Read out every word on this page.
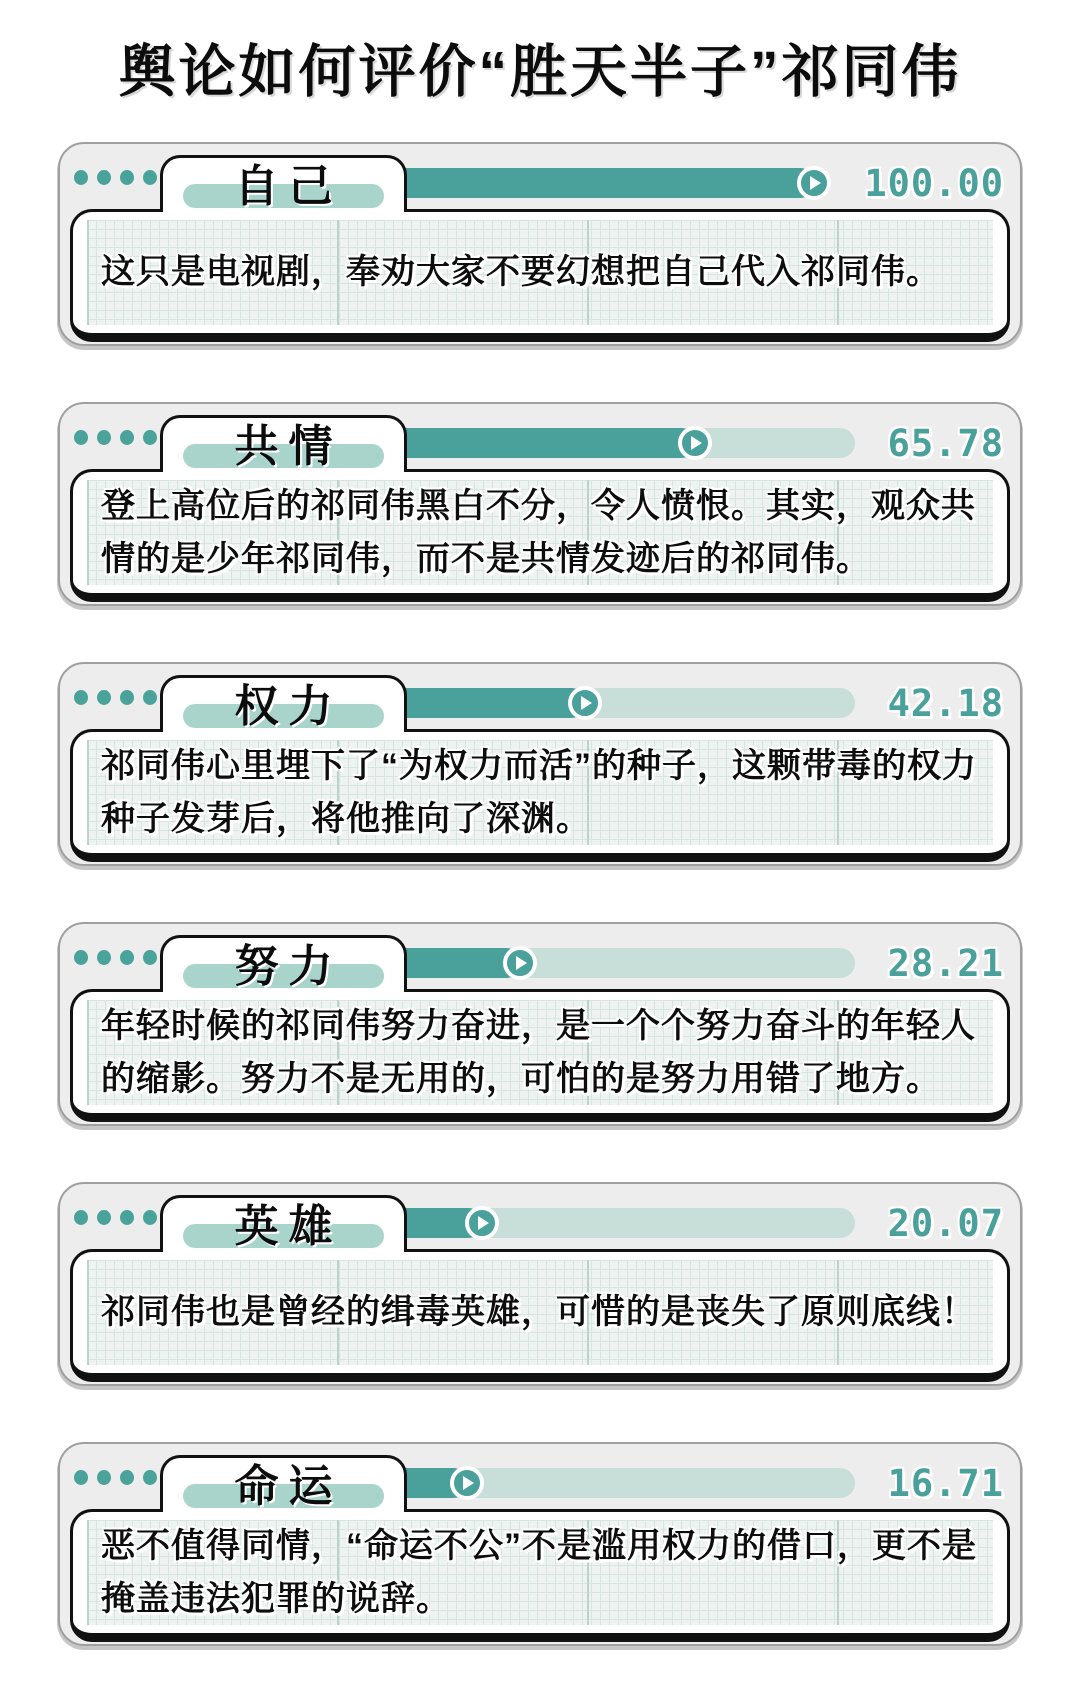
舆论如何评价“胜天半子”祁同伟
100.00
自己

这只是电视剧，奉劝大家不要幻想把自己代入祁同伟。

65.78
共情

登上高位后的祁同伟黑白不分，令人愤恨。其实，观众共情的是少年祁同伟，而不是共情发迹后的祁同伟。

42.18
权力

祁同伟心里埋下了“为权力而活”的种子，这颗带毒的权力种子发芽后，将他推向了深渊。

28.21
努力

年轻时候的祁同伟努力奋进，是一个个努力奋斗的年轻人的缩影。努力不是无用的，可怕的是努力用错了地方。

20.07
英雄

祁同伟也是曾经的缉毒英雄，可惜的是丧失了原则底线！

16.71
命运

恶不值得同情，“命运不公”不是滥用权力的借口，更不是掩盖违法犯罪的说辞。
